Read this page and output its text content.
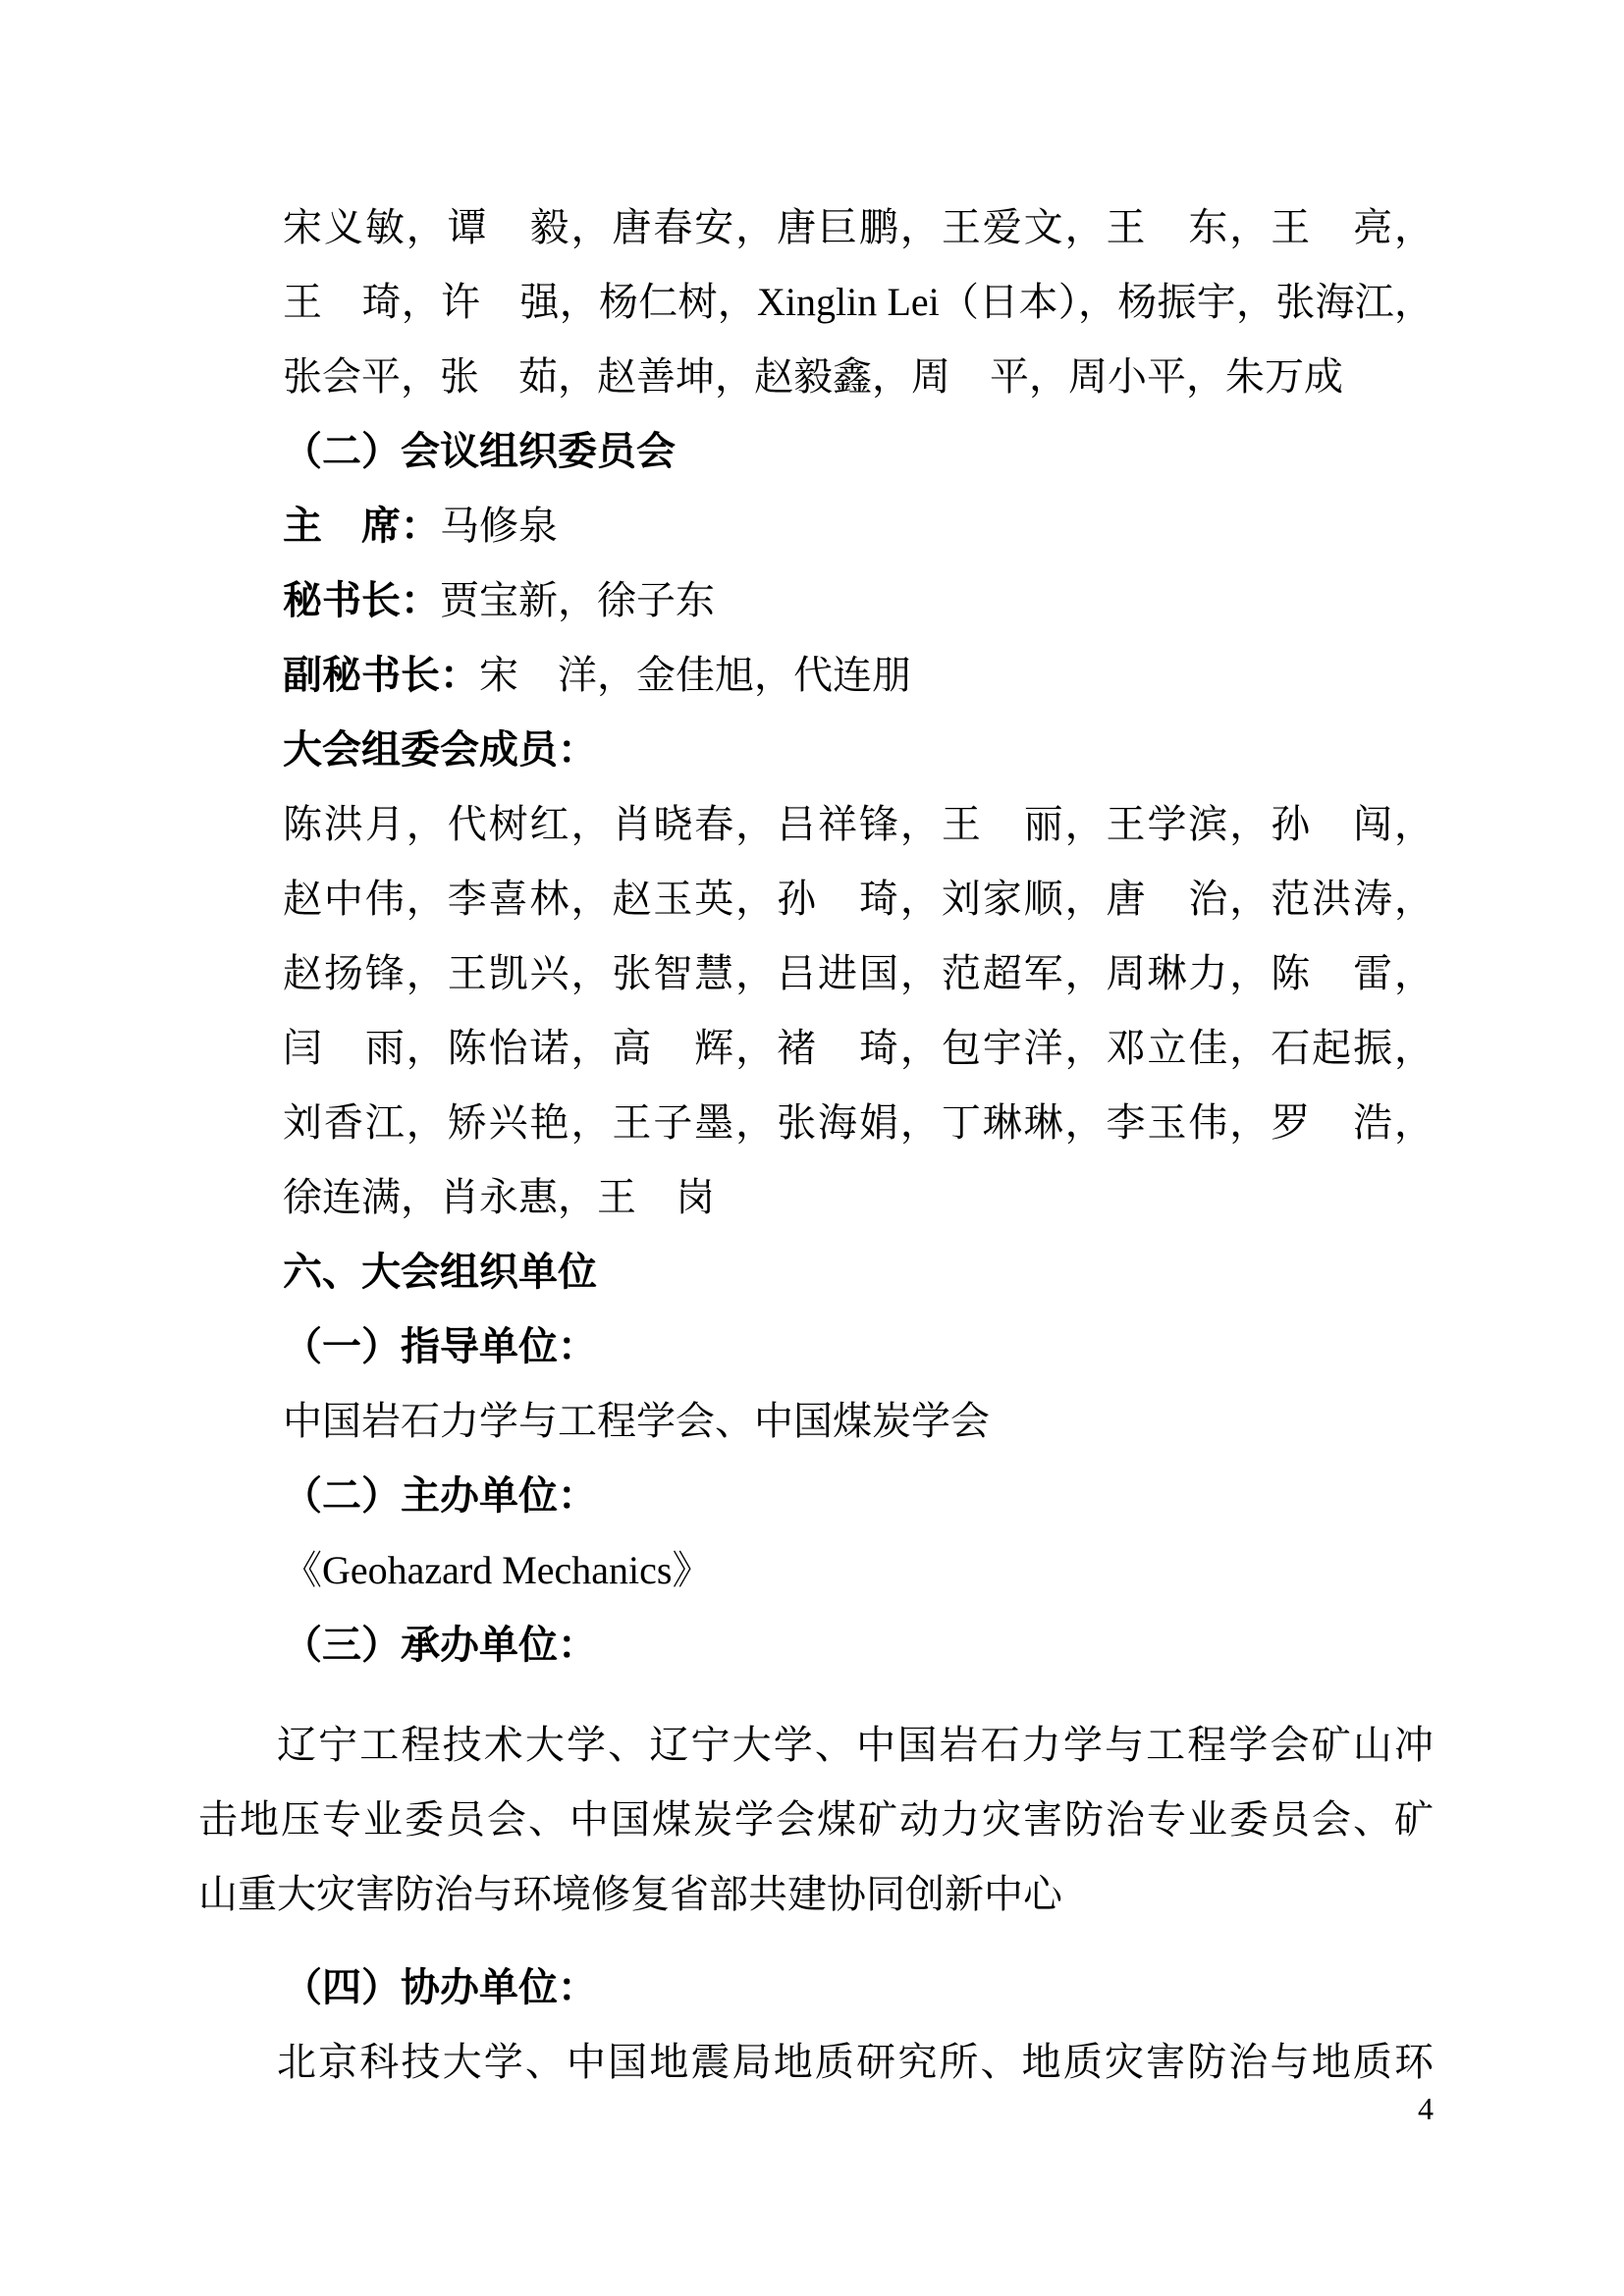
宋义敏，谭　毅，唐春安，唐巨鹏，王爱文，王　东，王　亮，
王　琦，许　强，杨仁树，Xinglin Lei（日本），杨振宇，张海江，
张会平，张　茹，赵善坤，赵毅鑫，周　平，周小平，朱万成
（二）会议组织委员会
主　席：马修泉
秘书长：贾宝新，徐子东
副秘书长：宋　洋，金佳旭，代连朋
大会组委会成员：
陈洪月，代树红，肖晓春，吕祥锋，王　丽，王学滨，孙　闯，
赵中伟，李喜林，赵玉英，孙　琦，刘家顺，唐　治，范洪涛，
赵扬锋，王凯兴，张智慧，吕进国，范超军，周琳力，陈　雷，
闫　雨，陈怡诺，高　辉，褚　琦，包宇洋，邓立佳，石起振，
刘香江，矫兴艳，王子墨，张海娟，丁琳琳，李玉伟，罗　浩，
徐连满，肖永惠，王　岗
六、大会组织单位
（一）指导单位：
中国岩石力学与工程学会、中国煤炭学会
（二）主办单位：
《Geohazard Mechanics》
（三）承办单位：
辽宁工程技术大学、辽宁大学、中国岩石力学与工程学会矿山冲
击地压专业委员会、中国煤炭学会煤矿动力灾害防治专业委员会、矿
山重大灾害防治与环境修复省部共建协同创新中心
（四）协办单位：
北京科技大学、中国地震局地质研究所、地质灾害防治与地质环
4
